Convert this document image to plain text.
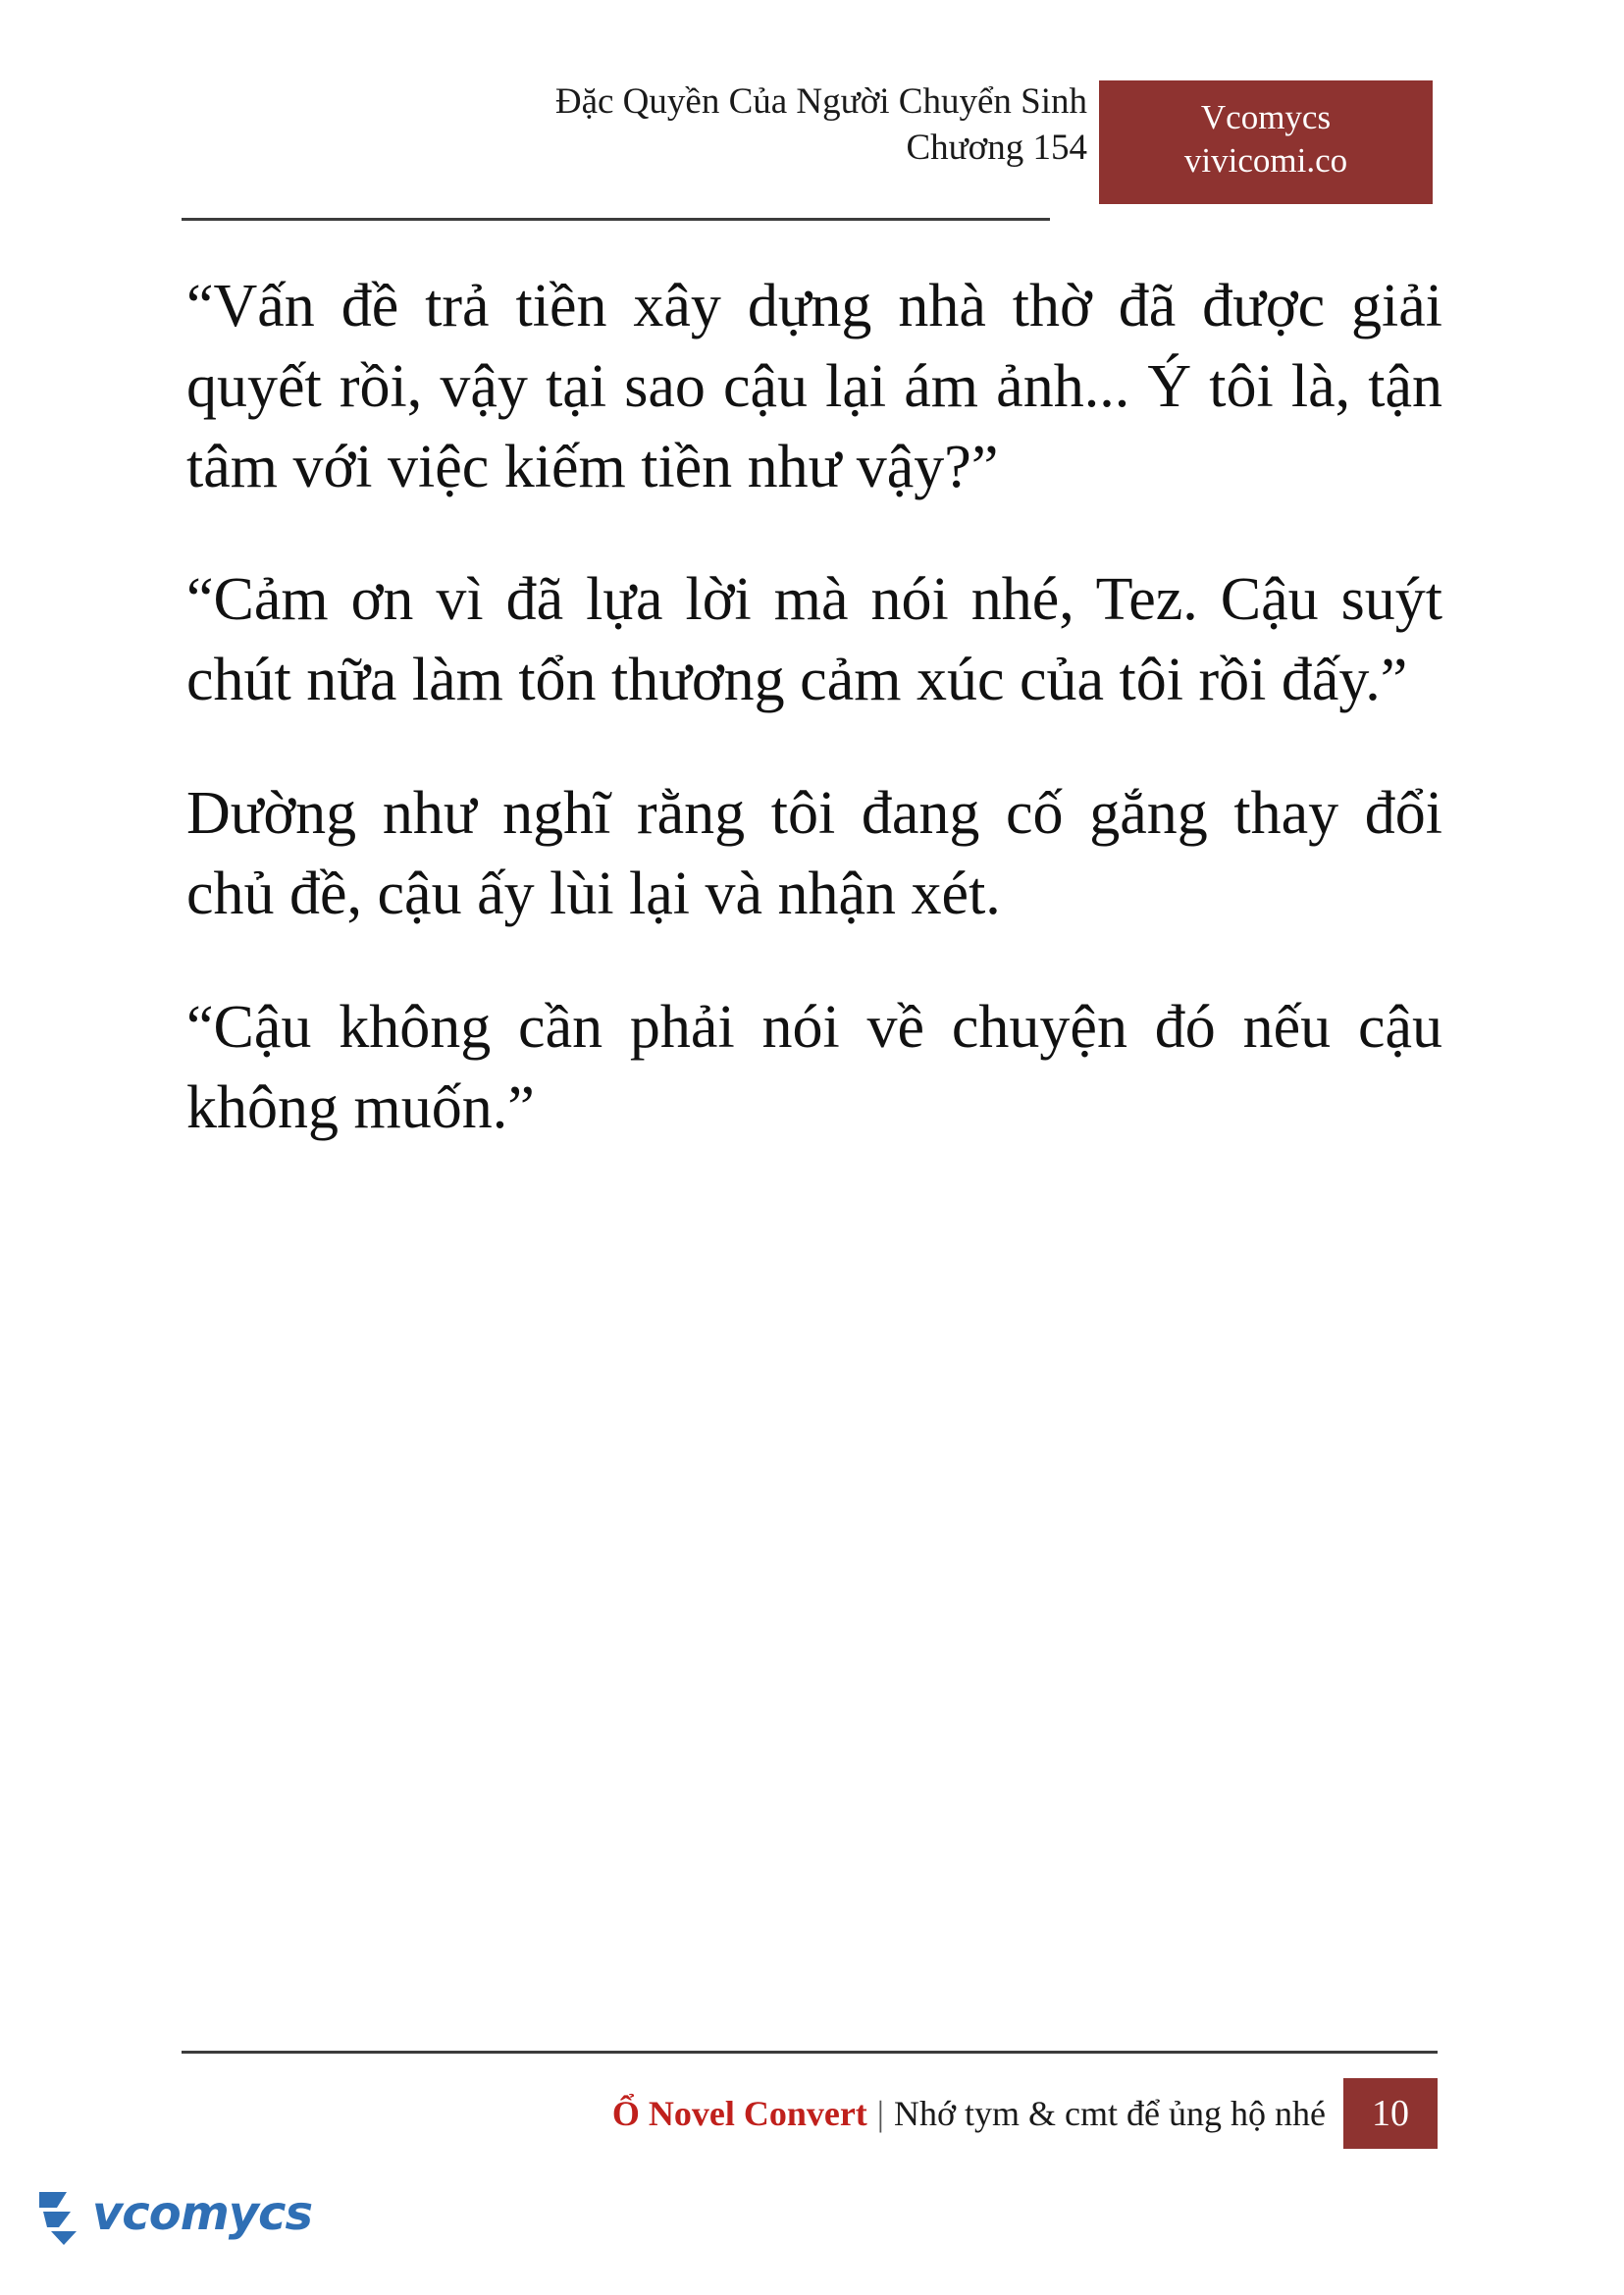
Đặc Quyền Của Người Chuyển Sinh
Chương 154
Vcomycs
vivicomi.co

“Vấn đề trả tiền xây dựng nhà thờ đã được giải quyết rồi, vậy tại sao cậu lại ám ảnh... Ý tôi là, tận tâm với việc kiếm tiền như vậy?”

“Cảm ơn vì đã lựa lời mà nói nhé, Tez. Cậu suýt chút nữa làm tổn thương cảm xúc của tôi rồi đấy.”

Dường như nghĩ rằng tôi đang cố gắng thay đổi chủ đề, cậu ấy lùi lại và nhận xét.

“Cậu không cần phải nói về chuyện đó nếu cậu không muốn.”

Ổ Novel Convert | Nhớ tym & cmt để ủng hộ nhé	10
vcomycs
